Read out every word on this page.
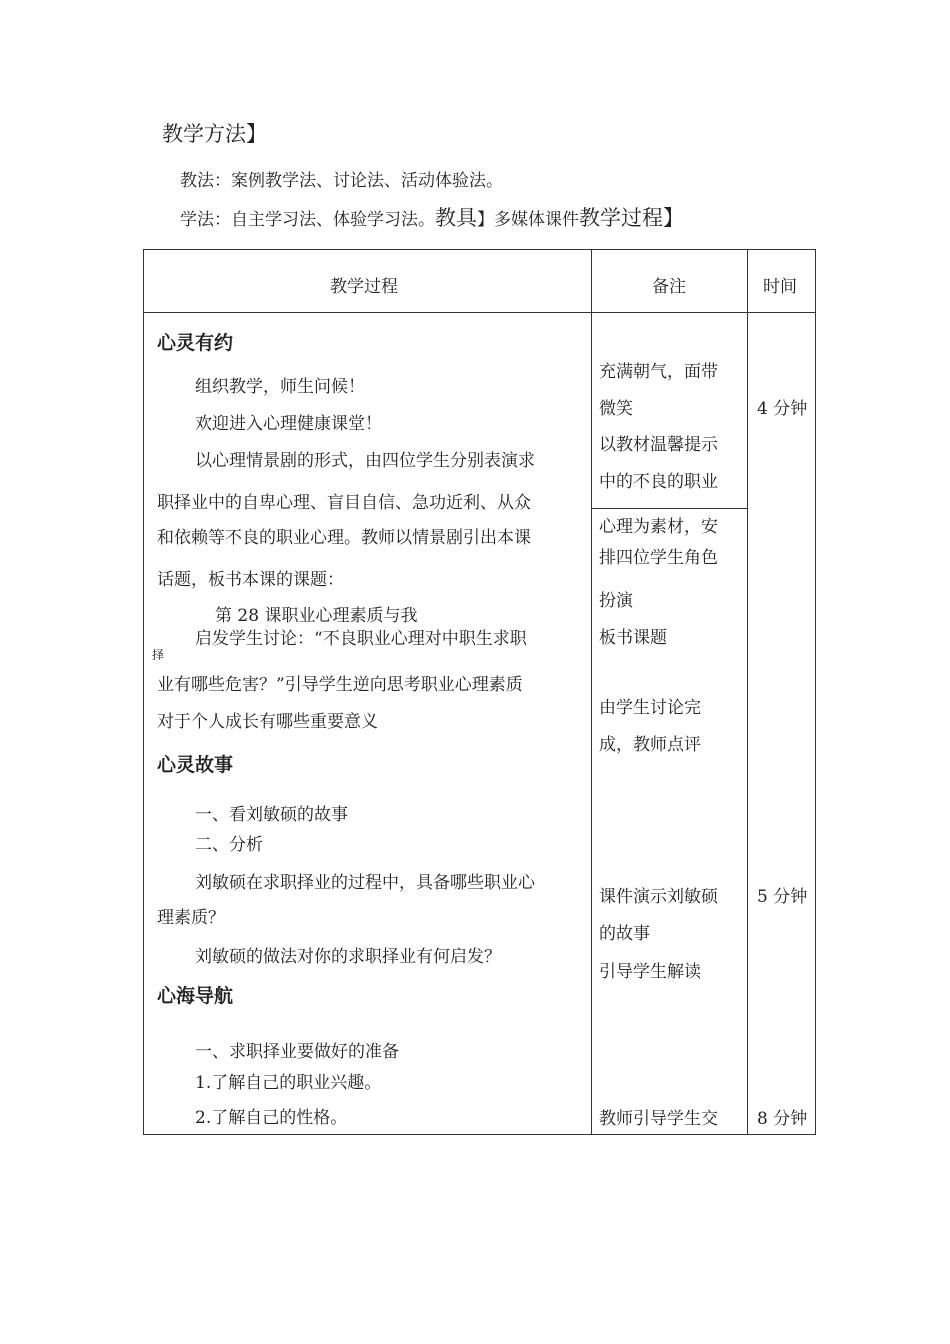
教学方法】
教法：案例教学法、讨论法、活动体验法。
学法：自主学习法、体验学习法。教具】多媒体课件教学过程】
教学过程	备注	时间
心灵有约
组织教学，师生问候！
欢迎进入心理健康课堂！
以心理情景剧的形式，由四位学生分别表演求
职择业中的自卑心理、盲目自信、急功近利、从众
和依赖等不良的职业心理。教师以情景剧引出本课
话题，板书本课的课题：
第 28 课职业心理素质与我
启发学生讨论：“不良职业心理对中职生求职
择
业有哪些危害？”引导学生逆向思考职业心理素质
对于个人成长有哪些重要意义
心灵故事
一、看刘敏硕的故事
二、分析
刘敏硕在求职择业的过程中，具备哪些职业心
理素质？
刘敏硕的做法对你的求职择业有何启发？
心海导航
一、求职择业要做好的准备
1.了解自己的职业兴趣。
2.了解自己的性格。
充满朝气，面带
微笑
以教材温馨提示
中的不良的职业
心理为素材，安
排四位学生角色
扮演
板书课题
由学生讨论完
成，教师点评
课件演示刘敏硕
的故事
引导学生解读
教师引导学生交
4 分钟
5 分钟
8 分钟
